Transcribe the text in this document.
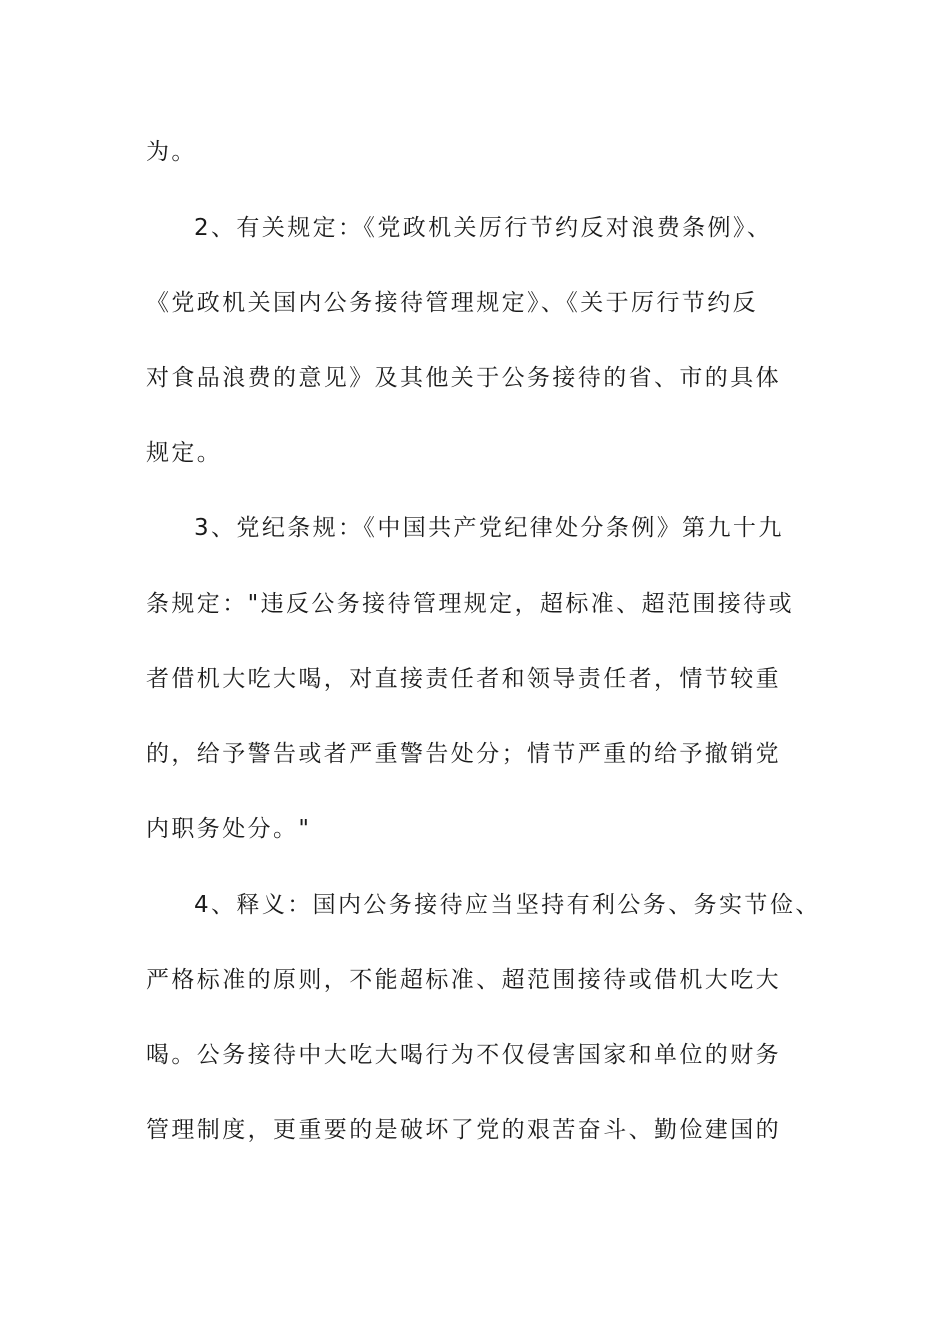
为。
2、有关规定：《党政机关厉行节约反对浪费条例》、
《党政机关国内公务接待管理规定》、《关于厉行节约反
对食品浪费的意见》及其他关于公务接待的省、市的具体
规定。
3、党纪条规：《中国共产党纪律处分条例》第九十九
条规定："违反公务接待管理规定，超标准、超范围接待或
者借机大吃大喝，对直接责任者和领导责任者，情节较重
的，给予警告或者严重警告处分；情节严重的给予撤销党
内职务处分。"
4、释义：国内公务接待应当坚持有利公务、务实节俭、
严格标准的原则，不能超标准、超范围接待或借机大吃大
喝。公务接待中大吃大喝行为不仅侵害国家和单位的财务
管理制度，更重要的是破坏了党的艰苦奋斗、勤俭建国的
